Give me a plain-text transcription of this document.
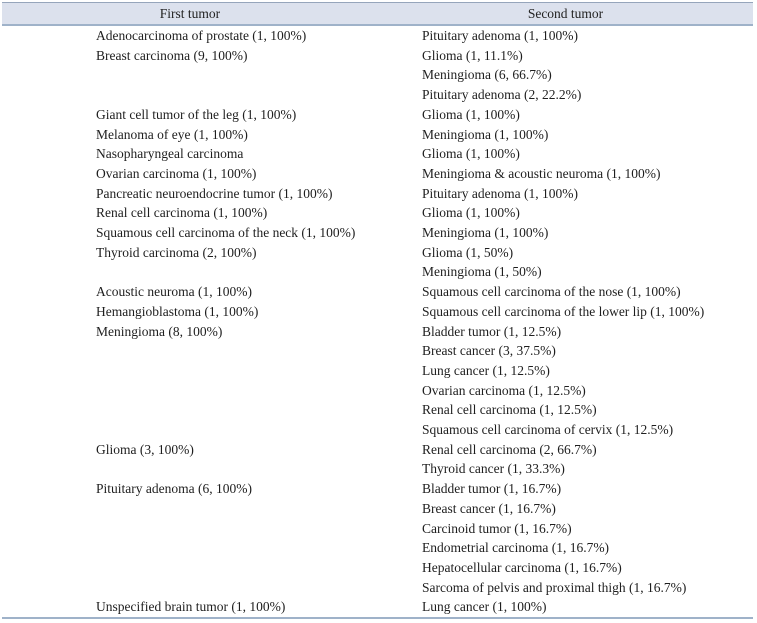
First tumor	Second tumor
Adenocarcinoma of prostate (1, 100%)	Pituitary adenoma (1, 100%)
Breast carcinoma (9, 100%)	Glioma (1, 11.1%)
	Meningioma (6, 66.7%)
	Pituitary adenoma (2, 22.2%)
Giant cell tumor of the leg (1, 100%)	Glioma (1, 100%)
Melanoma of eye (1, 100%)	Meningioma (1, 100%)
Nasopharyngeal carcinoma	Glioma (1, 100%)
Ovarian carcinoma (1, 100%)	Meningioma & acoustic neuroma (1, 100%)
Pancreatic neuroendocrine tumor (1, 100%)	Pituitary adenoma (1, 100%)
Renal cell carcinoma (1, 100%)	Glioma (1, 100%)
Squamous cell carcinoma of the neck (1, 100%)	Meningioma (1, 100%)
Thyroid carcinoma (2, 100%)	Glioma (1, 50%)
	Meningioma (1, 50%)
Acoustic neuroma (1, 100%)	Squamous cell carcinoma of the nose (1, 100%)
Hemangioblastoma (1, 100%)	Squamous cell carcinoma of the lower lip (1, 100%)
Meningioma (8, 100%)	Bladder tumor (1, 12.5%)
	Breast cancer (3, 37.5%)
	Lung cancer (1, 12.5%)
	Ovarian carcinoma (1, 12.5%)
	Renal cell carcinoma (1, 12.5%)
	Squamous cell carcinoma of cervix (1, 12.5%)
Glioma (3, 100%)	Renal cell carcinoma (2, 66.7%)
	Thyroid cancer (1, 33.3%)
Pituitary adenoma (6, 100%)	Bladder tumor (1, 16.7%)
	Breast cancer (1, 16.7%)
	Carcinoid tumor (1, 16.7%)
	Endometrial carcinoma (1, 16.7%)
	Hepatocellular carcinoma (1, 16.7%)
	Sarcoma of pelvis and proximal thigh (1, 16.7%)
Unspecified brain tumor (1, 100%)	Lung cancer (1, 100%)
